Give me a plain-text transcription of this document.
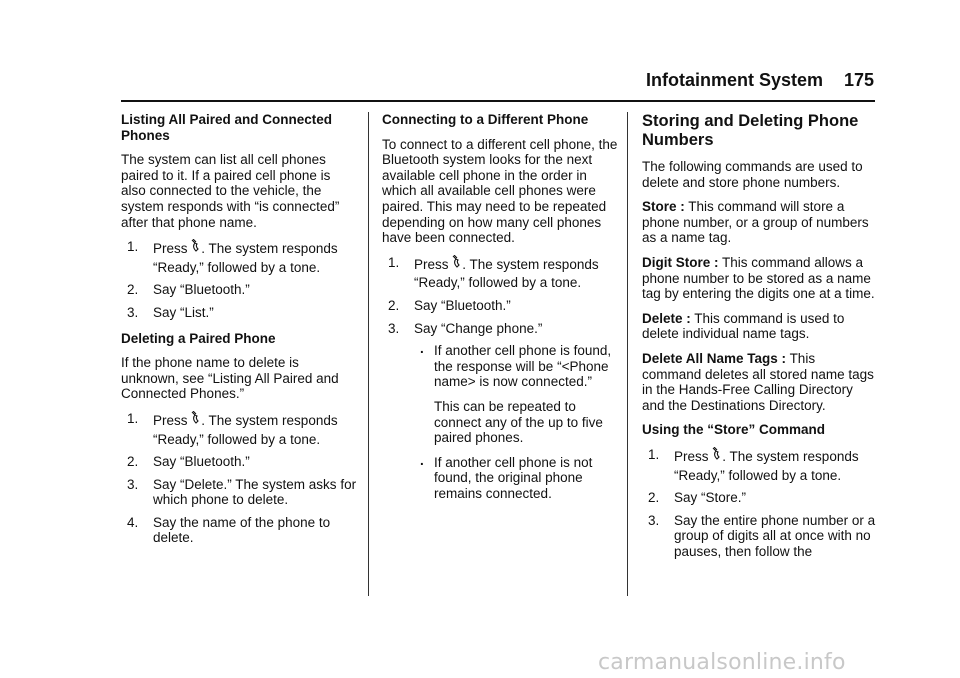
Infotainment System 175

Listing All Paired and Connected Phones

The system can list all cell phones paired to it. If a paired cell phone is also connected to the vehicle, the system responds with “is connected” after that phone name.

1. Press . The system responds
“Ready,” followed by a tone.
2. Say “Bluetooth.”
3. Say “List.”

Deleting a Paired Phone

If the phone name to delete is unknown, see “Listing All Paired and Connected Phones.”

1. Press . The system responds
“Ready,” followed by a tone.
2. Say “Bluetooth.”
3. Say “Delete.” The system asks for which phone to delete.
4. Say the name of the phone to delete.

Connecting to a Different Phone

To connect to a different cell phone, the Bluetooth system looks for the next available cell phone in the order in which all available cell phones were paired. This may need to be repeated depending on how many cell phones have been connected.

1. Press . The system responds
“Ready,” followed by a tone.
2. Say “Bluetooth.”
3. Say “Change phone.”
. If another cell phone is found, the response will be “<Phone name> is now connected.”

This can be repeated to connect any of the up to five paired phones.

. If another cell phone is not found, the original phone remains connected.

Storing and Deleting Phone Numbers

The following commands are used to delete and store phone numbers.

Store : This command will store a phone number, or a group of numbers as a name tag.

Digit Store : This command allows a phone number to be stored as a name tag by entering the digits one at a time.

Delete : This command is used to delete individual name tags.

Delete All Name Tags : This command deletes all stored name tags in the Hands-Free Calling Directory and the Destinations Directory.

Using the “Store” Command

1. Press . The system responds
“Ready,” followed by a tone.
2. Say “Store.”
3. Say the entire phone number or a group of digits all at once with no pauses, then follow the
carmanualsonline.info
